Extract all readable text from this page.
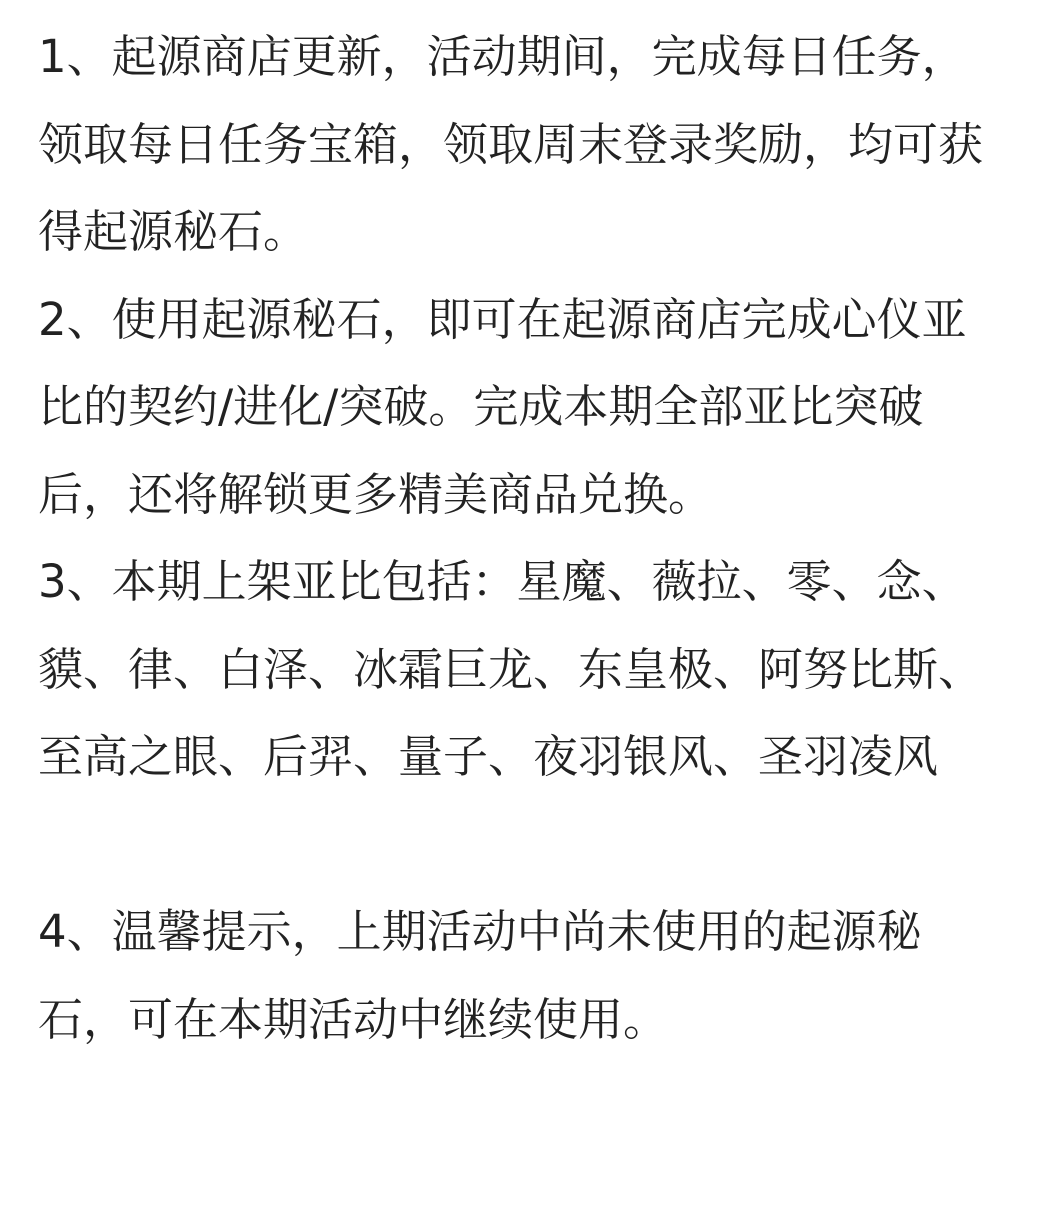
1、起源商店更新，活动期间，完成每日任务，领取每日任务宝箱，领取周末登录奖励，均可获得起源秘石。

2、使用起源秘石，即可在起源商店完成心仪亚比的契约/进化/突破。完成本期全部亚比突破后，还将解锁更多精美商品兑换。

3、本期上架亚比包括：星魔、薇拉、零、念、貘、律、白泽、冰霜巨龙、东皇极、阿努比斯、至高之眼、后羿、量子、夜羽银风、圣羽凌风

4、温馨提示，上期活动中尚未使用的起源秘石，可在本期活动中继续使用。
